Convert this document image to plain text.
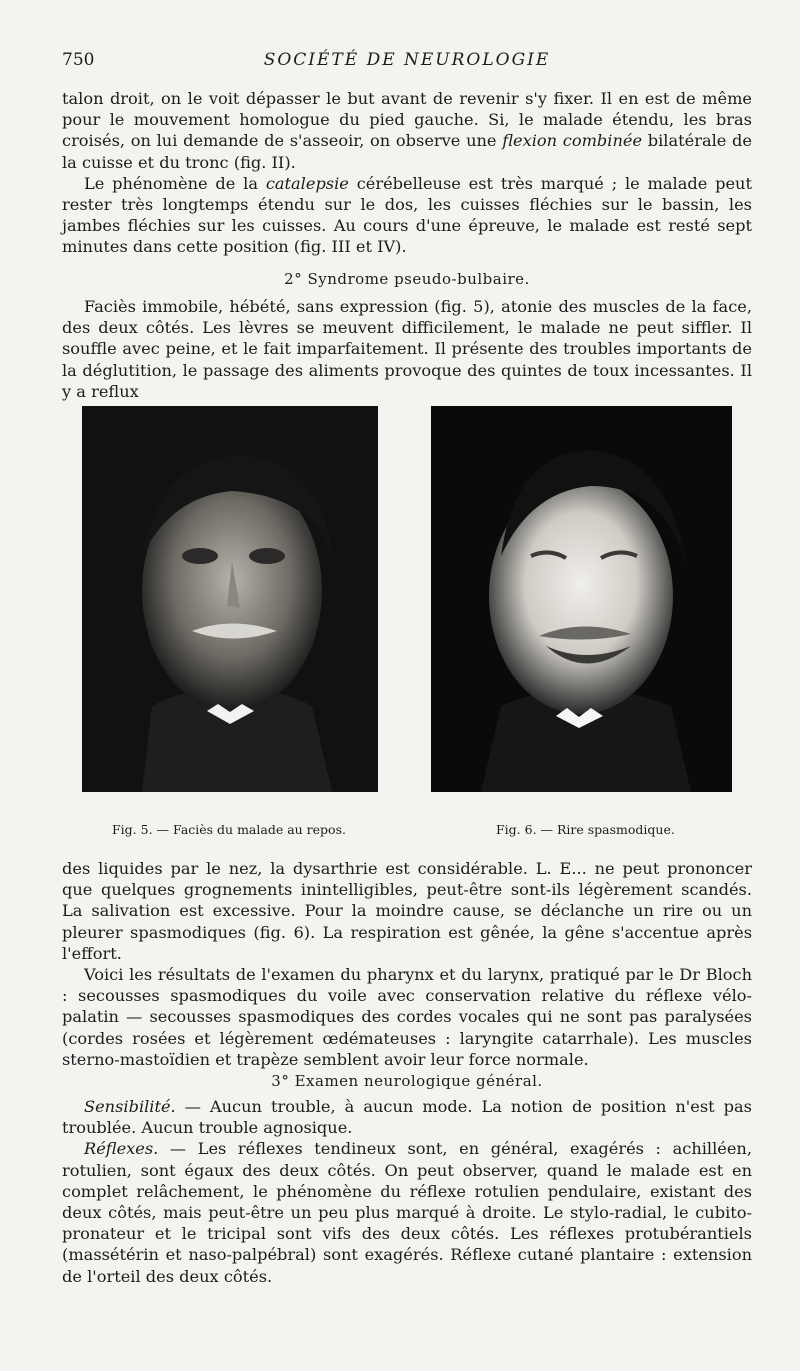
750	SOCIÉTÉ DE NEUROLOGIE

talon droit, on le voit dépasser le but avant de revenir s'y fixer. Il en est de même pour le mouvement homologue du pied gauche. Si, le malade étendu, les bras croisés, on lui demande de s'asseoir, on observe une flexion combinée bilatérale de la cuisse et du tronc (fig. II).

Le phénomène de la catalepsie cérébelleuse est très marqué ; le malade peut rester très longtemps étendu sur le dos, les cuisses fléchies sur le bassin, les jambes fléchies sur les cuisses. Au cours d'une épreuve, le malade est resté sept minutes dans cette position (fig. III et IV).

2° Syndrome pseudo-bulbaire.

Faciès immobile, hébété, sans expression (fig. 5), atonie des muscles de la face, des deux côtés. Les lèvres se meuvent difficilement, le malade ne peut siffler. Il souffle avec peine, et le fait imparfaitement. Il présente des troubles importants de la déglutition, le passage des aliments provoque des quintes de toux incessantes. Il y a reflux

Fig. 5. — Faciès du malade au repos.	Fig. 6. — Rire spasmodique.

des liquides par le nez, la dysarthrie est considérable. L. E... ne peut prononcer que quelques grognements inintelligibles, peut-être sont-ils légèrement scandés. La salivation est excessive. Pour la moindre cause, se déclanche un rire ou un pleurer spasmodiques (fig. 6). La respiration est gênée, la gêne s'accentue après l'effort.

Voici les résultats de l'examen du pharynx et du larynx, pratiqué par le Dr Bloch : secousses spasmodiques du voile avec conservation relative du réflexe vélo-palatin — secousses spasmodiques des cordes vocales qui ne sont pas paralysées (cordes rosées et légèrement œdémateuses : laryngite catarrhale). Les muscles sterno-mastoïdien et trapèze semblent avoir leur force normale.

3° Examen neurologique général.

Sensibilité. — Aucun trouble, à aucun mode. La notion de position n'est pas troublée. Aucun trouble agnosique.

Réflexes. — Les réflexes tendineux sont, en général, exagérés : achilléen, rotulien, sont égaux des deux côtés. On peut observer, quand le malade est en complet relâchement, le phénomène du réflexe rotulien pendulaire, existant des deux côtés, mais peut-être un peu plus marqué à droite. Le stylo-radial, le cubito-pronateur et le tricipal sont vifs des deux côtés. Les réflexes protubérantiels (massétérin et naso-palpébral) sont exagérés. Réflexe cutané plantaire : extension de l'orteil des deux côtés.
